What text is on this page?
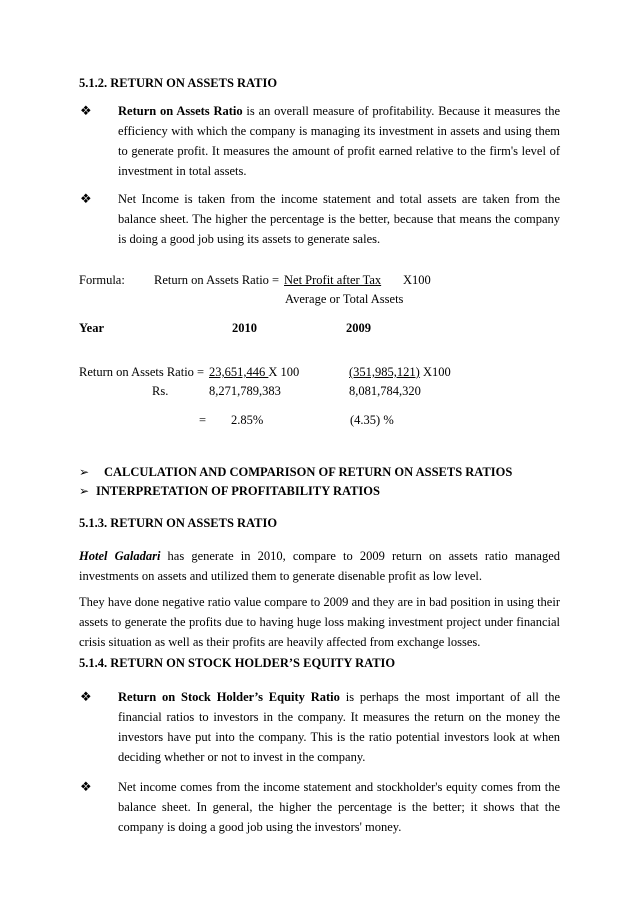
5.1.2. RETURN ON ASSETS RATIO
❖ Return on Assets Ratio is an overall measure of profitability. Because it measures the efficiency with which the company is managing its investment in assets and using them to generate profit. It measures the amount of profit earned relative to the firm's level of investment in total assets.
❖ Net Income is taken from the income statement and total assets are taken from the balance sheet. The higher the percentage is the better, because that means the company is doing a good job using its assets to generate sales.
Formula: Return on Assets Ratio = Net Profit after Tax X100
Average or Total Assets
Year	2010	2009
Return on Assets Ratio = 23,651,446 X 100	(351,985,121) X100
Rs.	8,271,789,383	8,081,784,320
= 2.85%	(4.35) %
➢ CALCULATION AND COMPARISON OF RETURN ON ASSETS RATIOS
➢ INTERPRETATION OF PROFITABILITY RATIOS
5.1.3. RETURN ON ASSETS RATIO
Hotel Galadari has generate in 2010, compare to 2009 return on assets ratio managed investments on assets and utilized them to generate disenable profit as low level.
They have done negative ratio value compare to 2009 and they are in bad position in using their assets to generate the profits due to having huge loss making investment project under financial crisis situation as well as their profits are heavily affected from exchange losses.
5.1.4. RETURN ON STOCK HOLDER’S EQUITY RATIO
❖ Return on Stock Holder’s Equity Ratio is perhaps the most important of all the financial ratios to investors in the company. It measures the return on the money the investors have put into the company. This is the ratio potential investors look at when deciding whether or not to invest in the company.
❖ Net income comes from the income statement and stockholder's equity comes from the balance sheet. In general, the higher the percentage is the better; it shows that the company is doing a good job using the investors' money.
